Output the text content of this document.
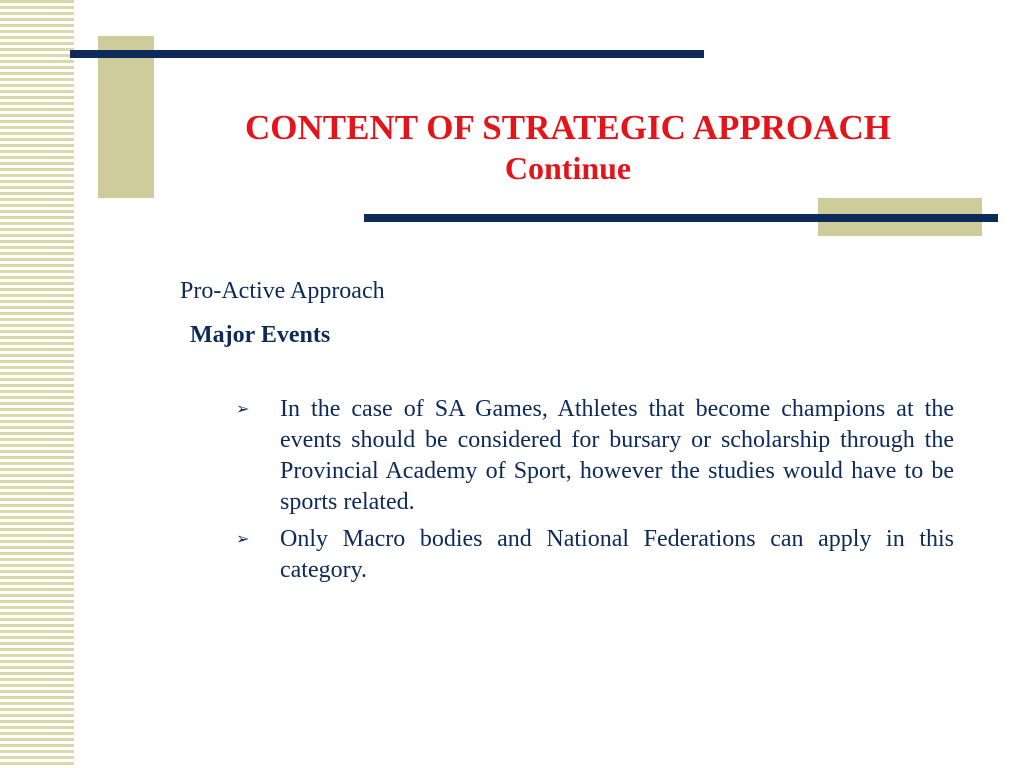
CONTENT OF STRATEGIC APPROACH
Continue
Pro-Active Approach
Major Events
➢ In the case of SA Games, Athletes that become champions at the events should be considered for bursary or scholarship through the Provincial Academy of Sport, however the studies would have to be sports related.
➢ Only Macro bodies and National Federations can apply in this category.
